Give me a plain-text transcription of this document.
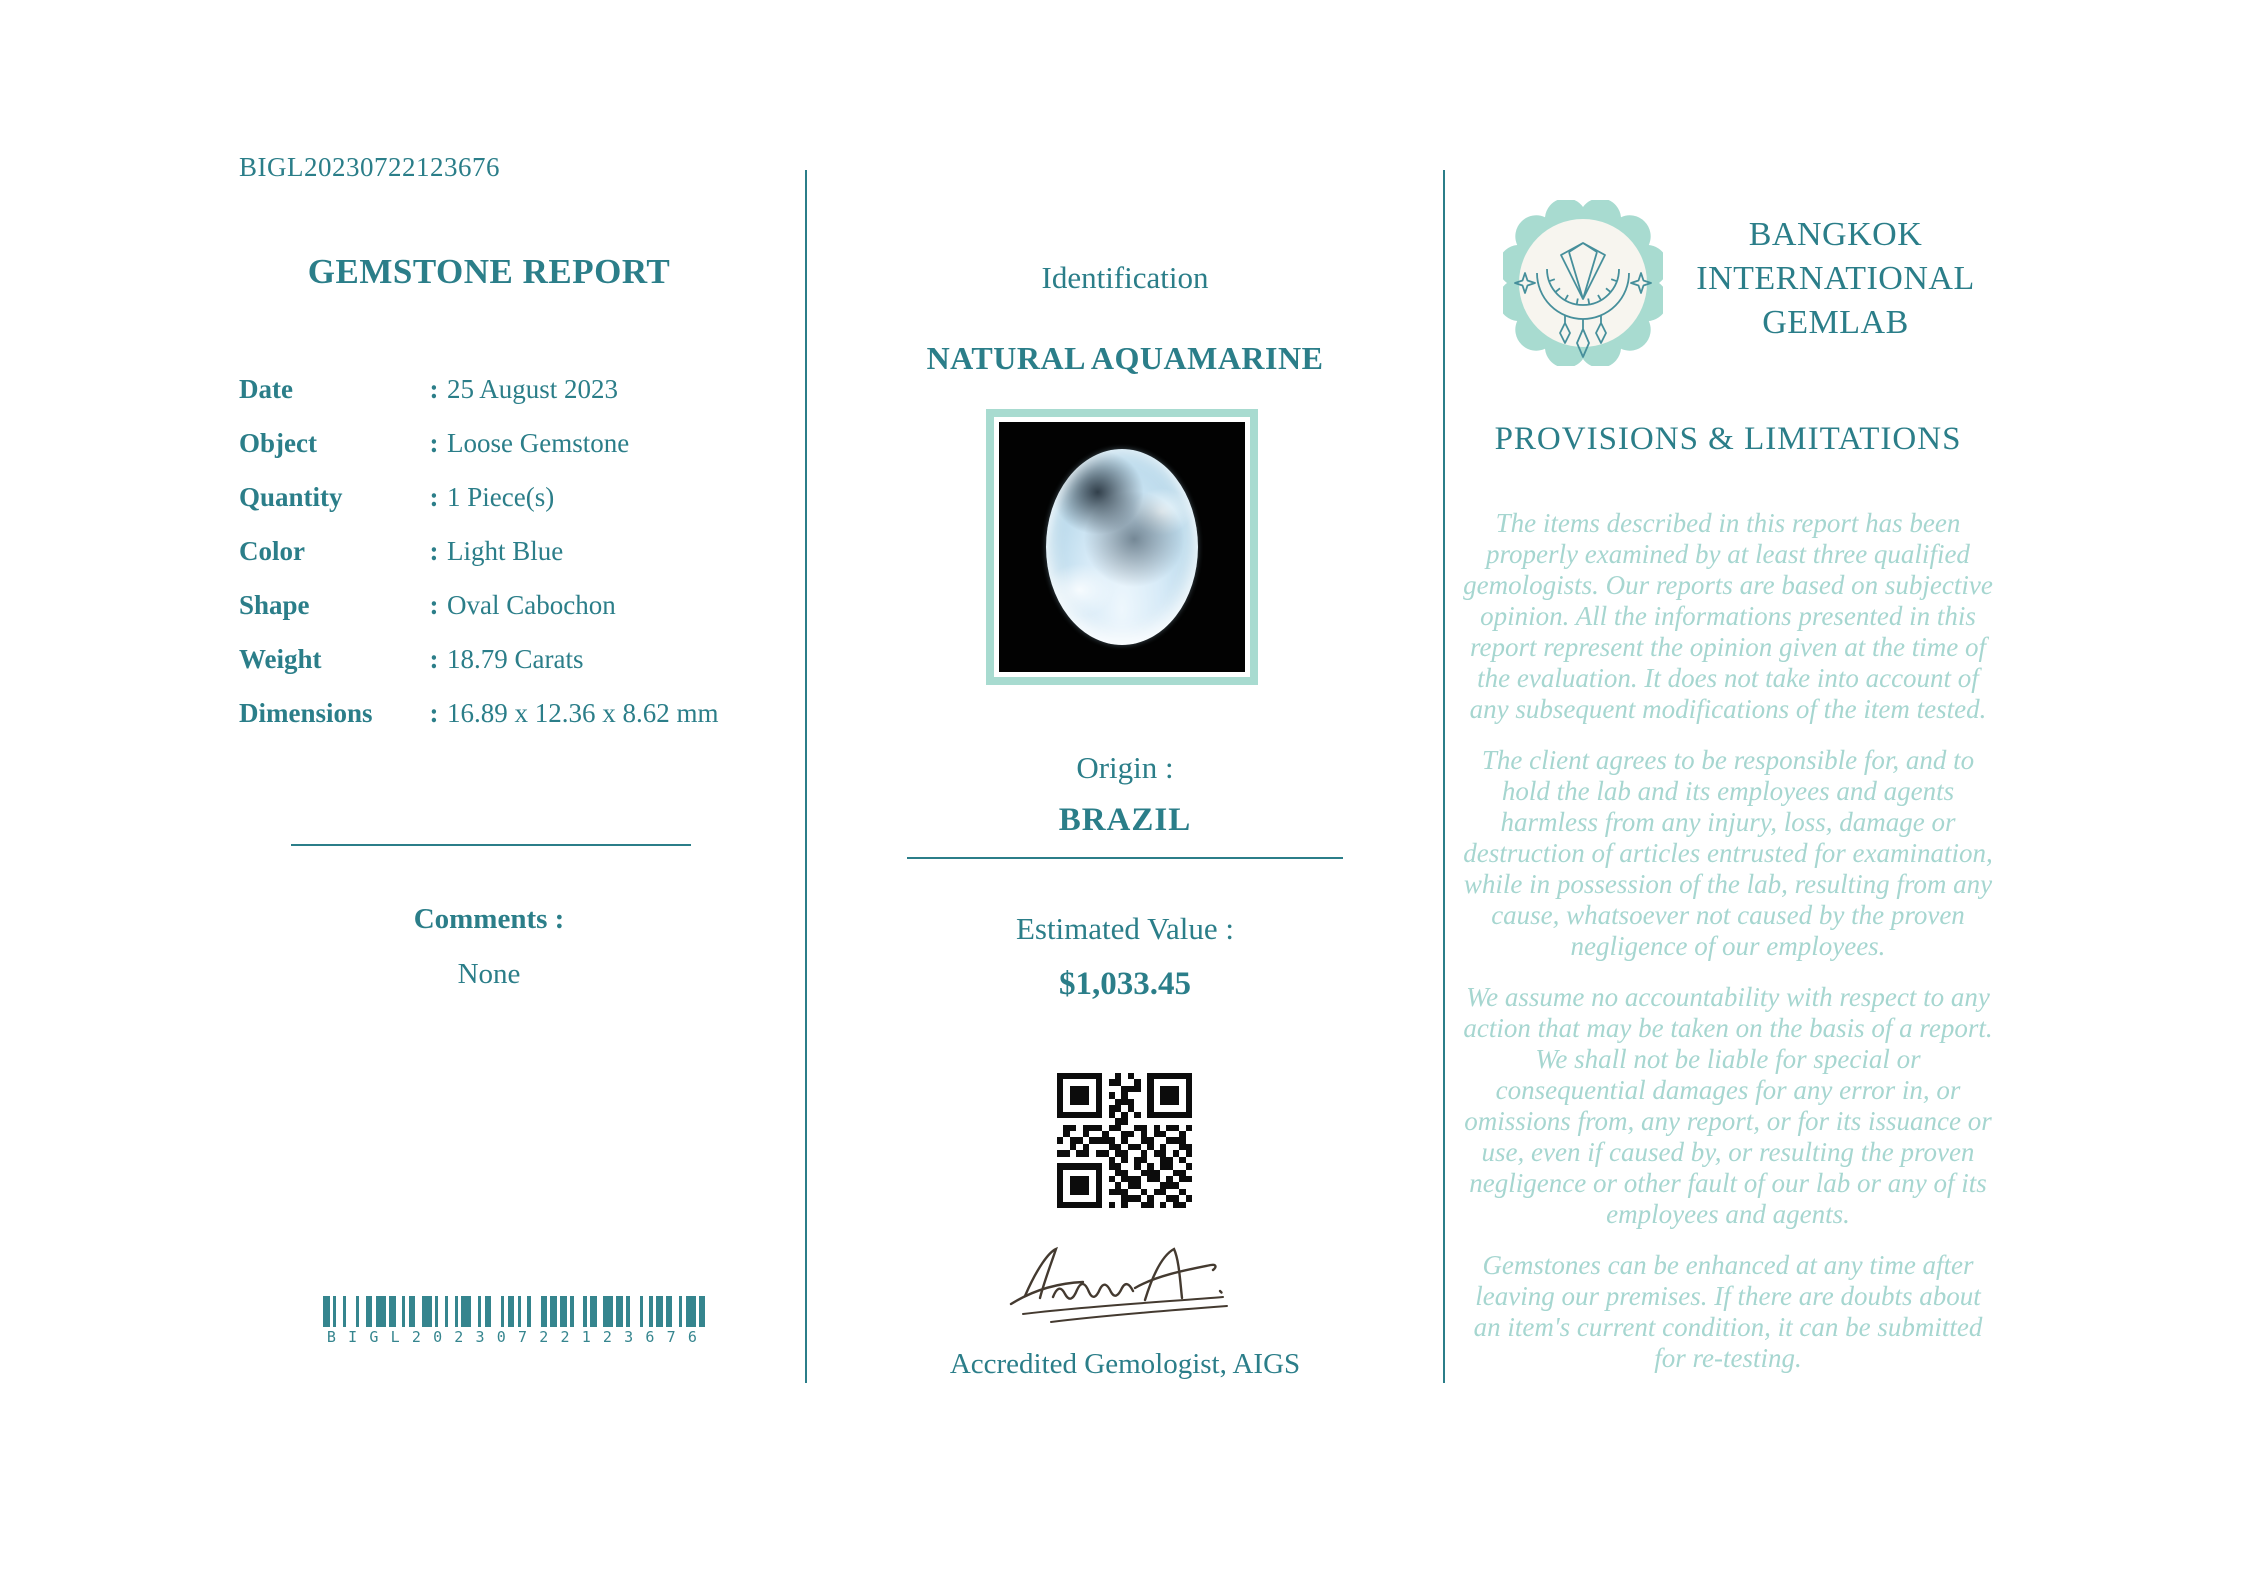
BIGL20230722123676
GEMSTONE REPORT
Date	: 25 August 2023
Object	: Loose Gemstone
Quantity	: 1 Piece(s)
Color	: Light Blue
Shape	: Oval Cabochon
Weight	: 18.79 Carats
Dimensions	: 16.89 x 12.36 x 8.62 mm
Comments :
None
BIGL20230722123676
Identification
NATURAL AQUAMARINE
Origin :
BRAZIL
Estimated Value :
$1,033.45
Accredited Gemologist, AIGS
BANGKOK
INTERNATIONAL
GEMLAB
PROVISIONS & LIMITATIONS

The items described in this report has been properly examined by at least three qualified gemologists. Our reports are based on subjective opinion. All the informations presented in this report represent the opinion given at the time of the evaluation. It does not take into account of any subsequent modifications of the item tested.

The client agrees to be responsible for, and to hold the lab and its employees and agents harmless from any injury, loss, damage or destruction of articles entrusted for examination, while in possession of the lab, resulting from any cause, whatsoever not caused by the proven negligence of our employees.

We assume no accountability with respect to any action that may be taken on the basis of a report. We shall not be liable for special or consequential damages for any error in, or omissions from, any report, or for its issuance or use, even if caused by, or resulting the proven negligence or other fault of our lab or any of its employees and agents.

Gemstones can be enhanced at any time after leaving our premises. If there are doubts about an item's current condition, it can be submitted for re-testing.
